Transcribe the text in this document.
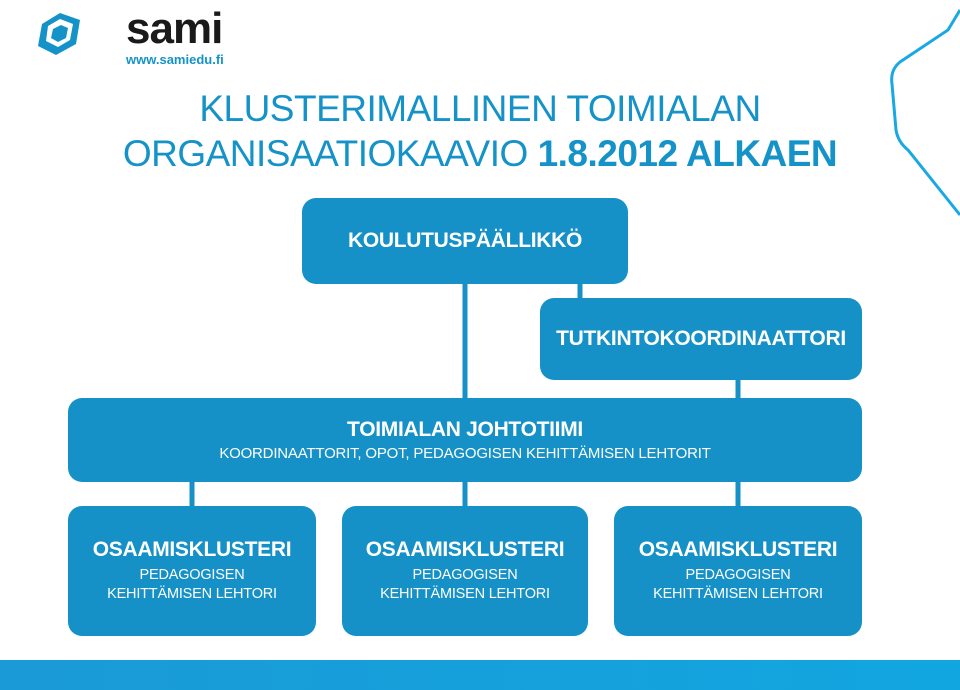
sami
www.samiedu.fi
KLUSTERIMALLINEN TOIMIALAN
ORGANISAATIOKAAVIO 1.8.2012 ALKAEN
KOULUTUSPÄÄLLIKKÖ
TUTKINTOKOORDINAATTORI
TOIMIALAN JOHTOTIIMI
KOORDINAATTORIT, OPOT, PEDAGOGISEN KEHITTÄMISEN LEHTORIT
OSAAMISKLUSTERI
PEDAGOGISEN
KEHITTÄMISEN LEHTORI
OSAAMISKLUSTERI
PEDAGOGISEN
KEHITTÄMISEN LEHTORI
OSAAMISKLUSTERI
PEDAGOGISEN
KEHITTÄMISEN LEHTORI
